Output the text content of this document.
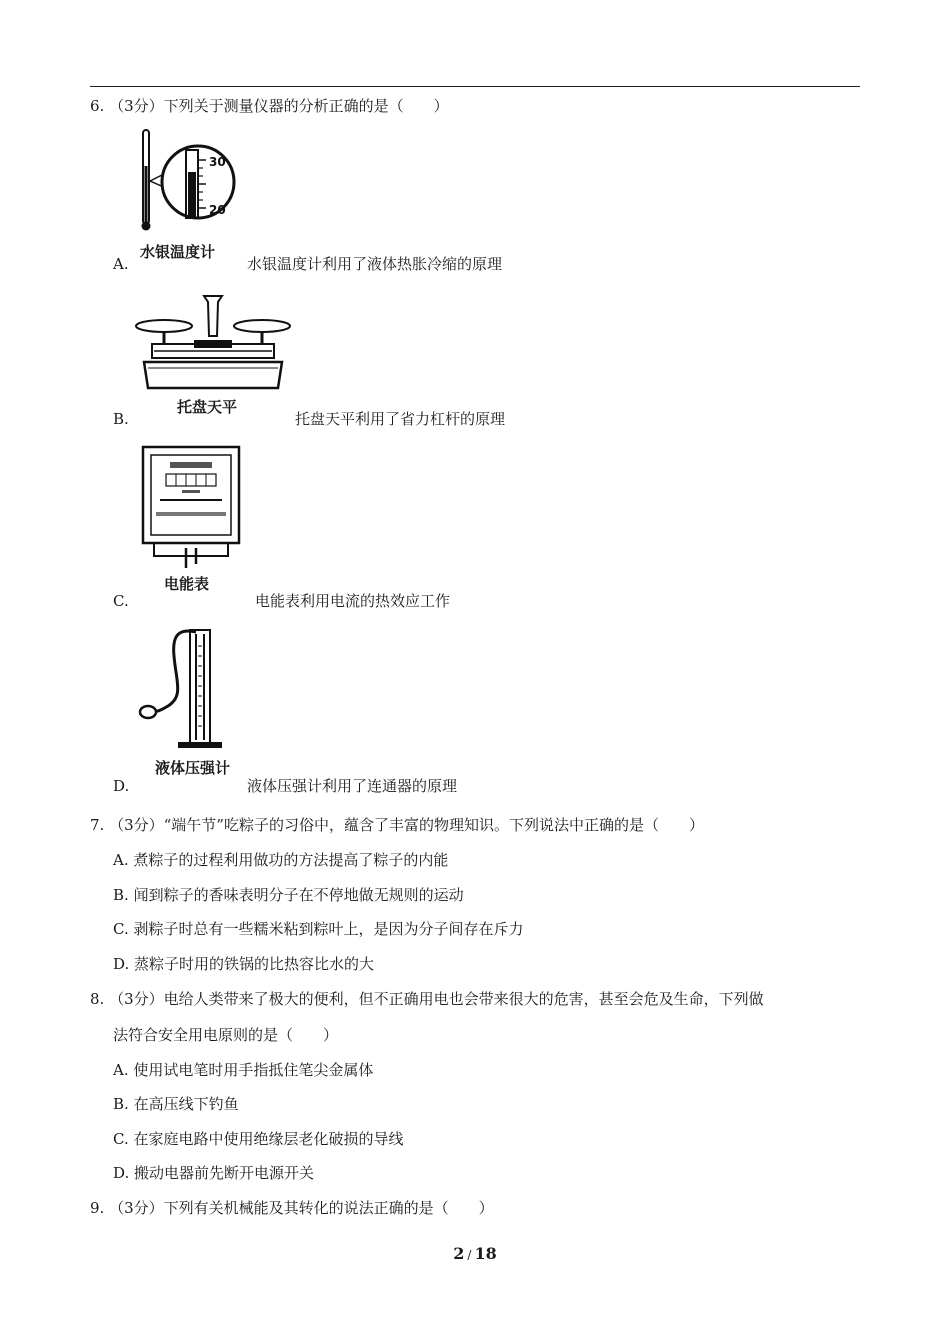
6. （3分）下列关于测量仪器的分析正确的是（　　）
30
20
水银温度计
A.	水银温度计利用了液体热胀冷缩的原理
托盘天平
B.	托盘天平利用了省力杠杆的原理
电能表
C.	电能表利用电流的热效应工作
液体压强计
D.	液体压强计利用了连通器的原理
7. （3分）“端午节”吃粽子的习俗中，蕴含了丰富的物理知识。下列说法中正确的是（　　）
A. 煮粽子的过程利用做功的方法提高了粽子的内能
B. 闻到粽子的香味表明分子在不停地做无规则的运动
C. 剥粽子时总有一些糯米粘到粽叶上，是因为分子间存在斥力
D. 蒸粽子时用的铁锅的比热容比水的大
8. （3分）电给人类带来了极大的便利，但不正确用电也会带来很大的危害，甚至会危及生命，下列做
法符合安全用电原则的是（　　）
A. 使用试电笔时用手指抵住笔尖金属体
B. 在高压线下钓鱼
C. 在家庭电路中使用绝缘层老化破损的导线
D. 搬动电器前先断开电源开关
9. （3分）下列有关机械能及其转化的说法正确的是（　　）
2 / 18
